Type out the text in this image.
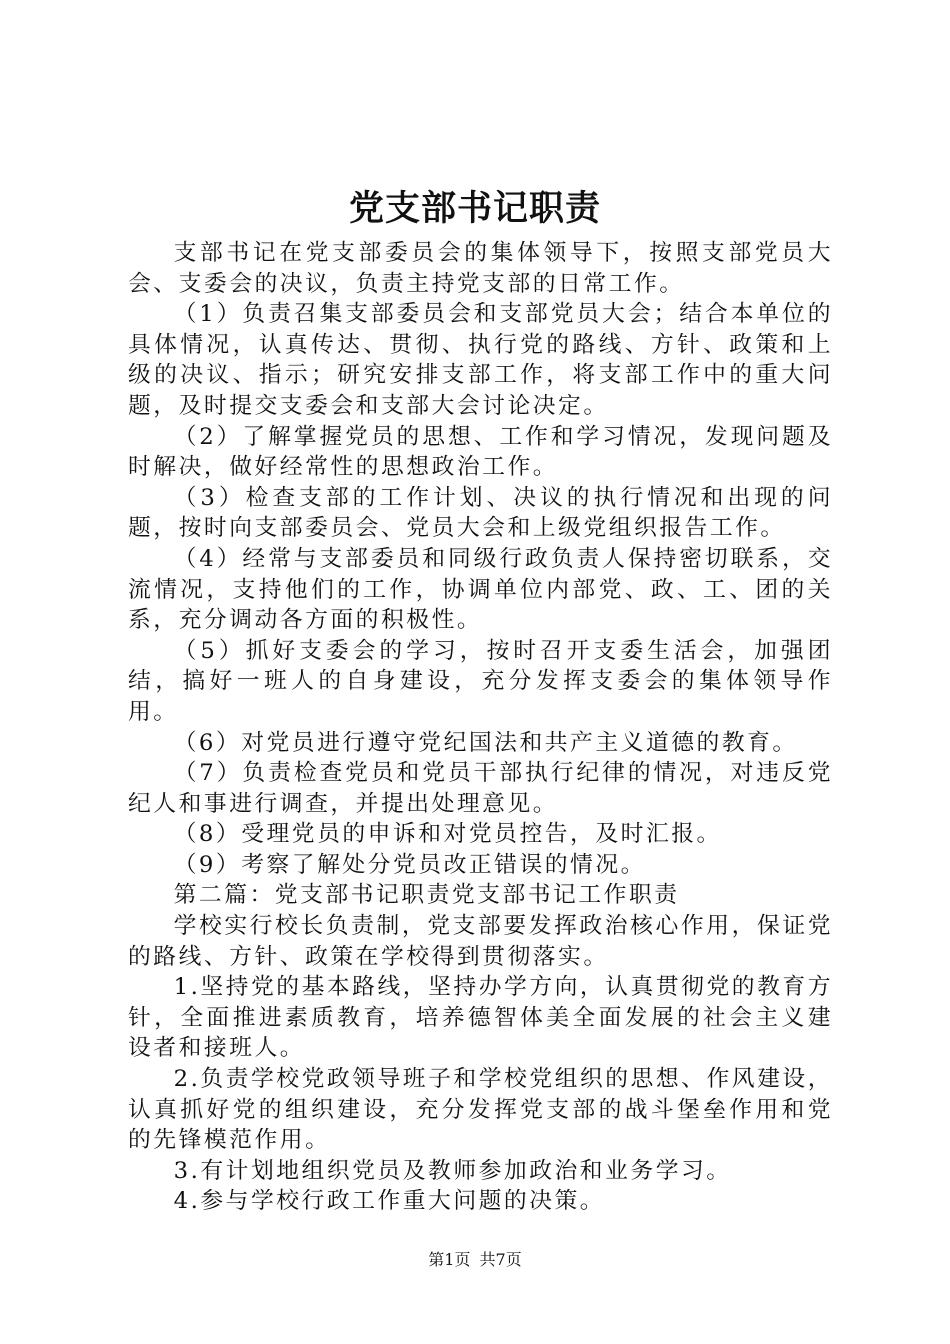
党支部书记职责

支部书记在党支部委员会的集体领导下，按照支部党员大会、支委会的决议，负责主持党支部的日常工作。

（1）负责召集支部委员会和支部党员大会；结合本单位的具体情况，认真传达、贯彻、执行党的路线、方针、政策和上级的决议、指示；研究安排支部工作，将支部工作中的重大问题，及时提交支委会和支部大会讨论决定。

（2）了解掌握党员的思想、工作和学习情况，发现问题及时解决，做好经常性的思想政治工作。

（3）检查支部的工作计划、决议的执行情况和出现的问题，按时向支部委员会、党员大会和上级党组织报告工作。

（4）经常与支部委员和同级行政负责人保持密切联系，交流情况，支持他们的工作，协调单位内部党、政、工、团的关系，充分调动各方面的积极性。

（5）抓好支委会的学习，按时召开支委生活会，加强团结，搞好一班人的自身建设，充分发挥支委会的集体领导作用。

（6）对党员进行遵守党纪国法和共产主义道德的教育。

（7）负责检查党员和党员干部执行纪律的情况，对违反党纪人和事进行调查，并提出处理意见。

（8）受理党员的申诉和对党员控告，及时汇报。

（9）考察了解处分党员改正错误的情况。

第二篇：党支部书记职责党支部书记工作职责

学校实行校长负责制，党支部要发挥政治核心作用，保证党的路线、方针、政策在学校得到贯彻落实。

1.坚持党的基本路线，坚持办学方向，认真贯彻党的教育方针，全面推进素质教育，培养德智体美全面发展的社会主义建设者和接班人。

2.负责学校党政领导班子和学校党组织的思想、作风建设，认真抓好党的组织建设，充分发挥党支部的战斗堡垒作用和党的先锋模范作用。

3.有计划地组织党员及教师参加政治和业务学习。

4.参与学校行政工作重大问题的决策。

第1页 共7页
